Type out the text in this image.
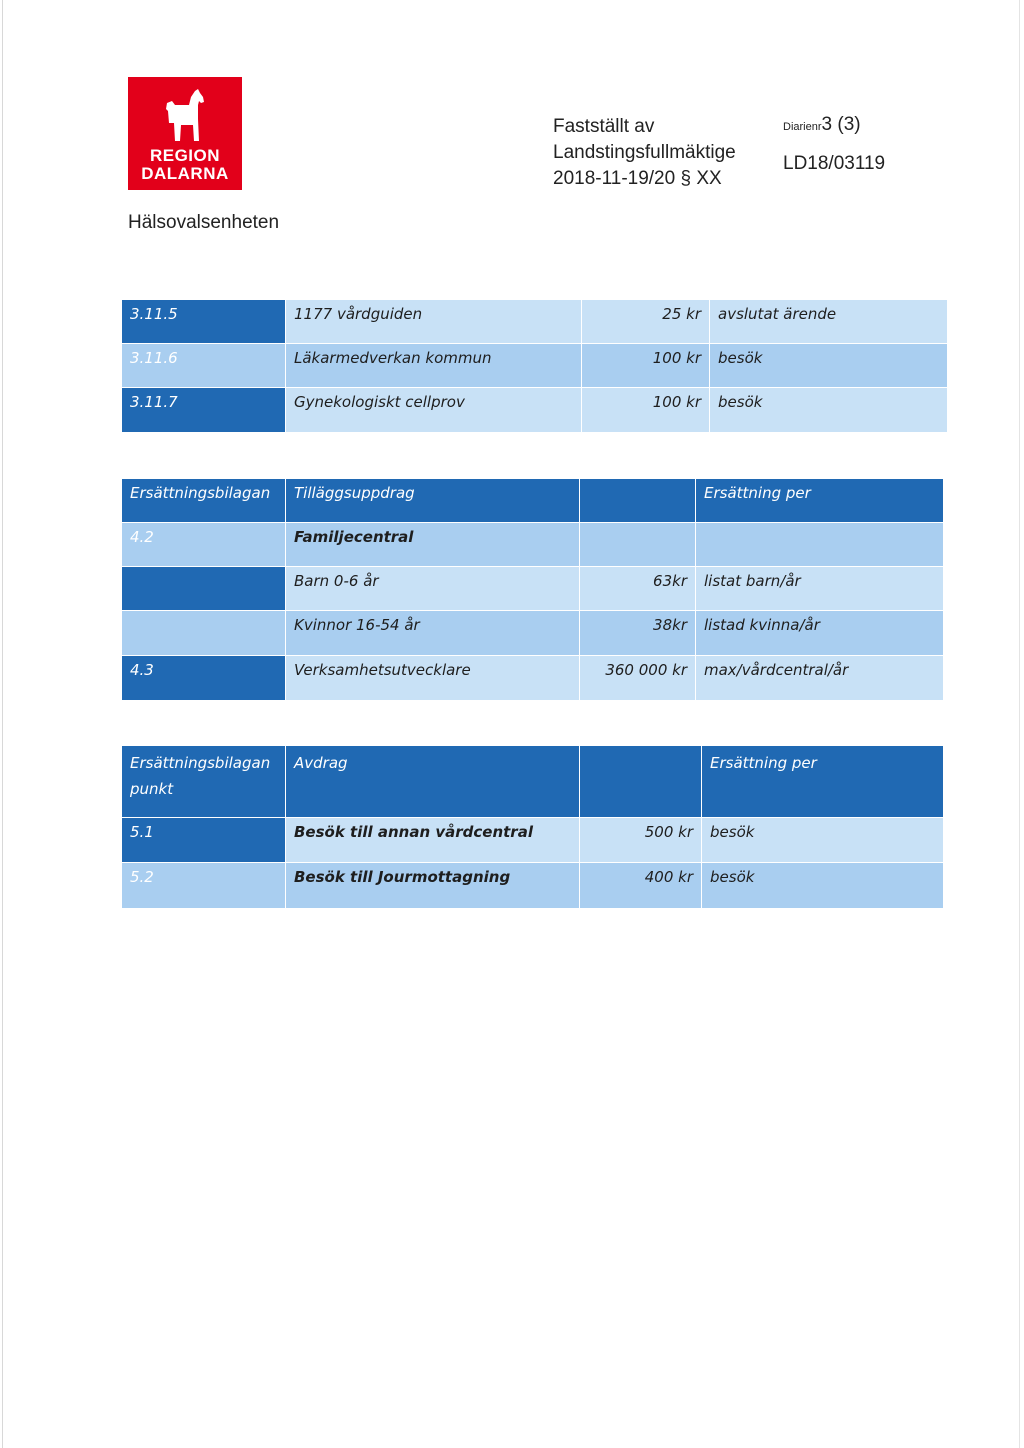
REGION
DALARNA
Hälsovalsenheten
Fastställt av
Landstingsfullmäktige
2018-11-19/20 § XX
Diarienr3 (3)
LD18/03119
3.11.5	1177 vårdguiden	25 kr	avslutat ärende
3.11.6	Läkarmedverkan kommun	100 kr	besök
3.11.7	Gynekologiskt cellprov	100 kr	besök
Ersättningsbilagan	Tilläggsuppdrag		Ersättning per
4.2	Familjecentral		
	Barn 0-6 år	63kr	listat barn/år
	Kvinnor 16-54 år	38kr	listad kvinna/år
4.3	Verksamhetsutvecklare	360 000 kr	max/vårdcentral/år
Ersättningsbilagan
punkt	Avdrag		Ersättning per
5.1	Besök till annan vårdcentral	500 kr	besök
5.2	Besök till Jourmottagning	400 kr	besök
